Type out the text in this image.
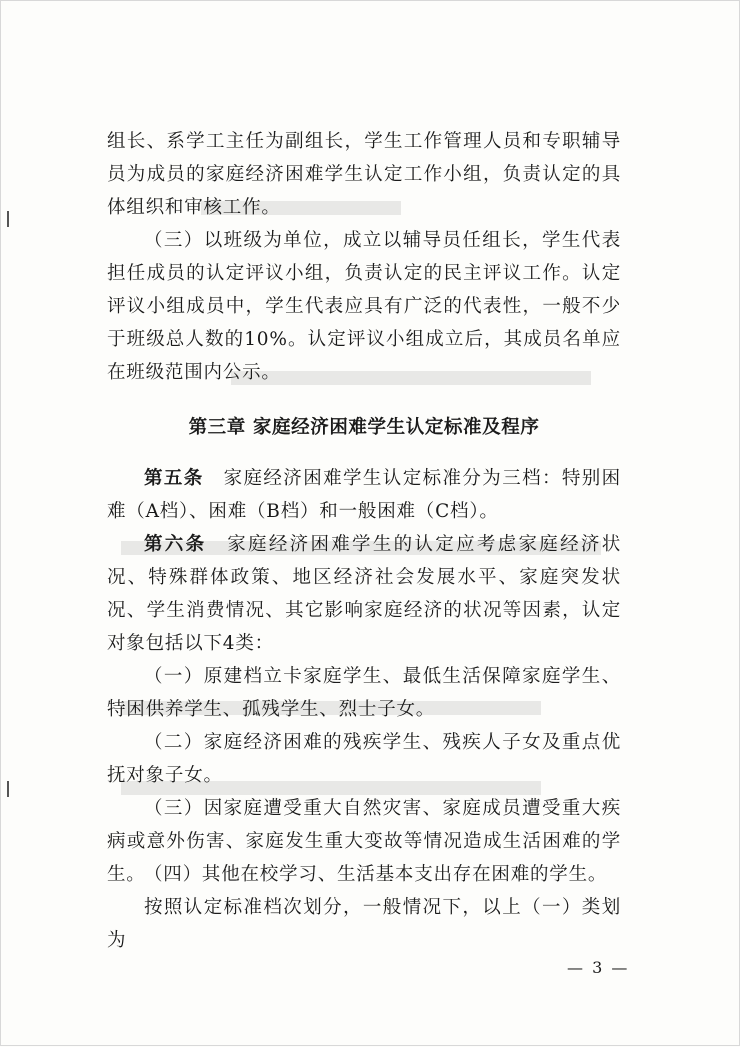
组长、系学工主任为副组长，学生工作管理人员和专职辅导员为成员的家庭经济困难学生认定工作小组，负责认定的具体组织和审核工作。

（三）以班级为单位，成立以辅导员任组长，学生代表担任成员的认定评议小组，负责认定的民主评议工作。认定评议小组成员中，学生代表应具有广泛的代表性，一般不少于班级总人数的10%。认定评议小组成立后，其成员名单应在班级范围内公示。

第三章 家庭经济困难学生认定标准及程序

第五条  家庭经济困难学生认定标准分为三档：特别困难（A档）、困难（B档）和一般困难（C档）。

第六条  家庭经济困难学生的认定应考虑家庭经济状况、特殊群体政策、地区经济社会发展水平、家庭突发状况、学生消费情况、其它影响家庭经济的状况等因素，认定对象包括以下4类：

（一）原建档立卡家庭学生、最低生活保障家庭学生、特困供养学生、孤残学生、烈士子女。

（二）家庭经济困难的残疾学生、残疾人子女及重点优抚对象子女。

（三）因家庭遭受重大自然灾害、家庭成员遭受重大疾病或意外伤害、家庭发生重大变故等情况造成生活困难的学生。

（四）其他在校学习、生活基本支出存在困难的学生。

按照认定标准档次划分，一般情况下，以上（一）类划为

— 3 —
